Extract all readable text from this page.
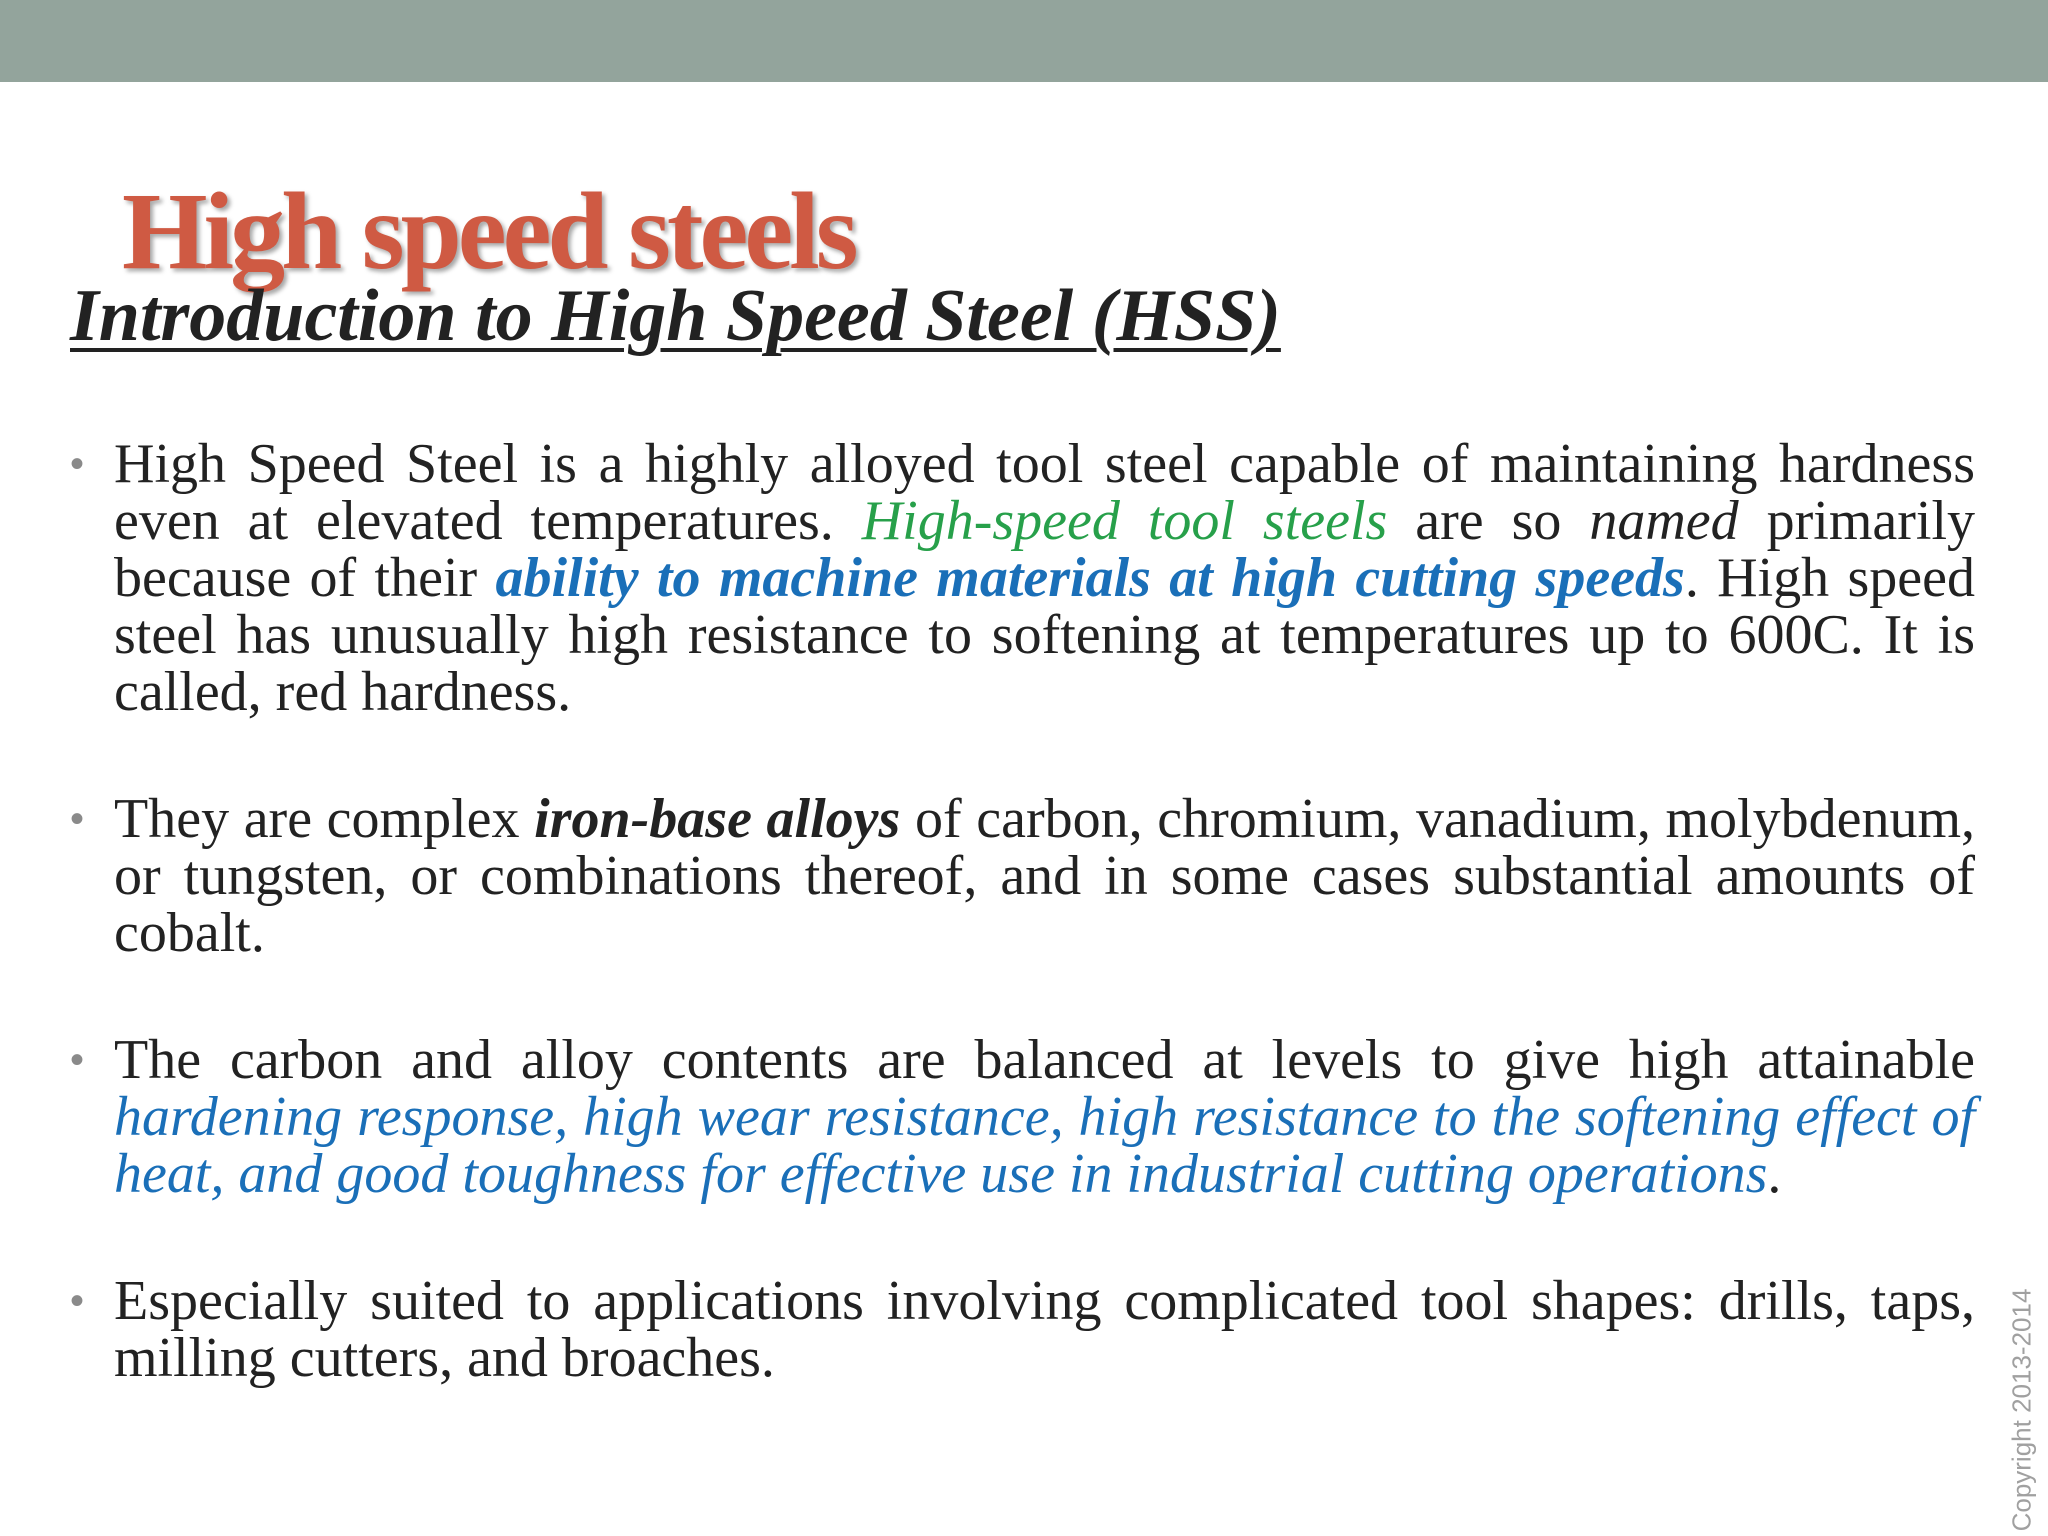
High speed steels
Introduction to High Speed Steel (HSS)
• High Speed Steel is a highly alloyed tool steel capable of maintaining hardness even at elevated temperatures. High-speed tool steels are so named primarily because of their ability to machine materials at high cutting speeds. High speed steel has unusually high resistance to softening at temperatures up to 600C. It is called, red hardness.
• They are complex iron-base alloys of carbon, chromium, vanadium, molybdenum, or tungsten, or combinations thereof, and in some cases substantial amounts of cobalt.
• The carbon and alloy contents are balanced at levels to give high attainable hardening response, high wear resistance, high resistance to the softening effect of heat, and good toughness for effective use in industrial cutting operations.
• Especially suited to applications involving complicated tool shapes: drills, taps, milling cutters, and broaches.	Copyright 2013-2014
